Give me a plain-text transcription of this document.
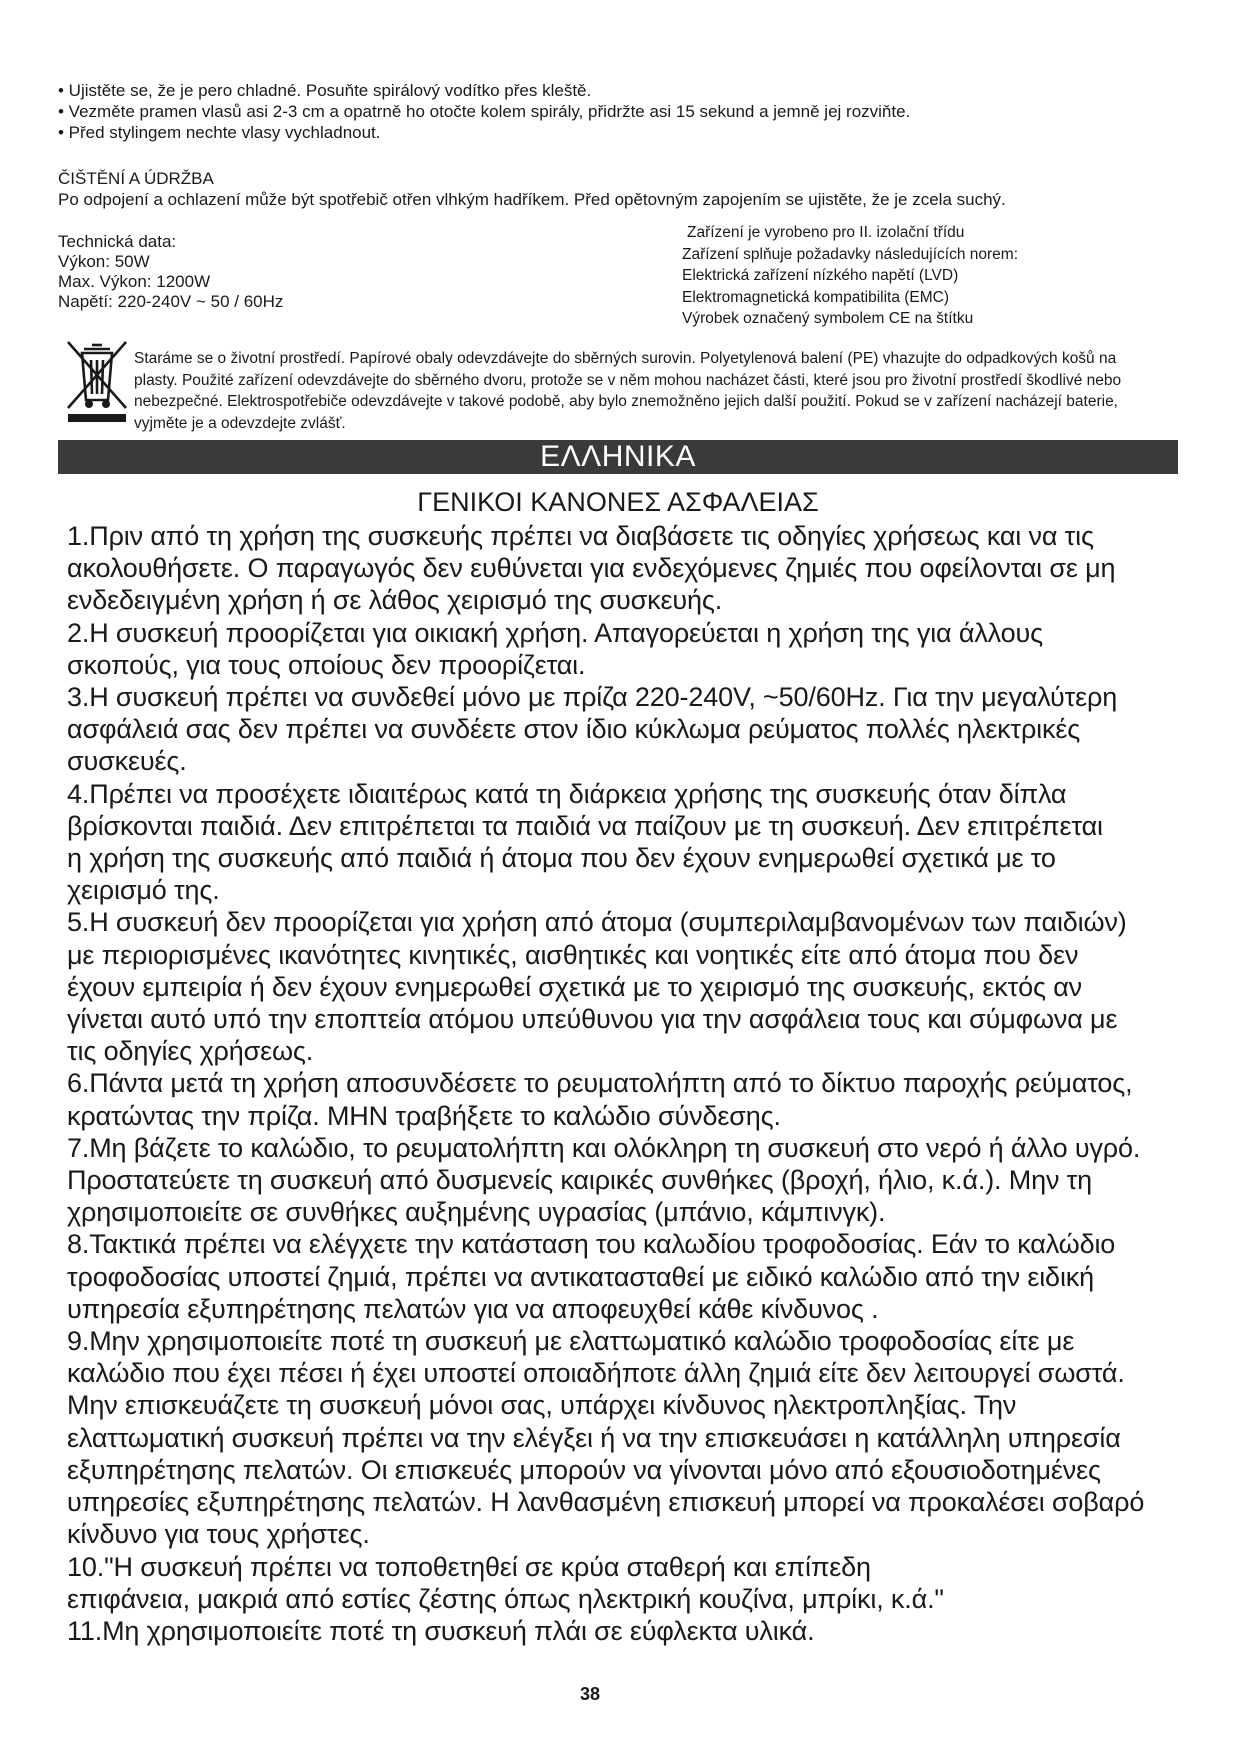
• Ujistěte se, že je pero chladné. Posuňte spirálový vodítko přes kleště.
• Vezměte pramen vlasů asi 2-3 cm a opatrně ho otočte kolem spirály, přidržte asi 15 sekund a jemně jej rozviňte.
• Před stylingem nechte vlasy vychladnout.
ČIŠTĚNÍ A ÚDRŽBA
Po odpojení a ochlazení může být spotřebič otřen vlhkým hadříkem. Před opětovným zapojením se ujistěte, že je zcela suchý.
Technická data:
Výkon: 50W
Max. Výkon: 1200W
Napětí: 220-240V ~ 50 / 60Hz
Zařízení je vyrobeno pro II. izolační třídu
Zařízení splňuje požadavky následujících norem:
Elektrická zařízení nízkého napětí (LVD)
Elektromagnetická kompatibilita (EMC)
Výrobek označený symbolem CE na štítku
Staráme se o životní prostředí. Papírové obaly odevzdávejte do sběrných surovin. Polyetylenová balení (PE) vhazujte do odpadkových košů na
plasty. Použité zařízení odevzdávejte do sběrného dvoru, protože se v něm mohou nacházet části, které jsou pro životní prostředí škodlivé nebo
nebezpečné. Elektrospotřebiče odevzdávejte v takové podobě, aby bylo znemožněno jejich další použití. Pokud se v zařízení nacházejí baterie,
vyjměte je a odevzdejte zvlášť.
ΕΛΛΗΝΙΚΑ
ΓΕΝΙΚΟΙ ΚΑΝΟΝΕΣ ΑΣΦΑΛΕΙΑΣ
1.Πριν από τη χρήση της συσκευής πρέπει να διαβάσετε τις οδηγίες χρήσεως και να τις
ακολουθήσετε. Ο παραγωγός δεν ευθύνεται για ενδεχόμενες ζημιές που οφείλονται σε μη
ενδεδειγμένη χρήση ή σε λάθος χειρισμό της συσκευής.
2.Η συσκευή προορίζεται για οικιακή χρήση. Απαγορεύεται η χρήση της για άλλους
σκοπούς, για τους οποίους δεν προορίζεται.
3.Η συσκευή πρέπει να συνδεθεί μόνο με πρίζα 220-240V, ~50/60Hz. Για την μεγαλύτερη
ασφάλειά σας δεν πρέπει να συνδέετε στον ίδιο κύκλωμα ρεύματος πολλές ηλεκτρικές
συσκευές.
4.Πρέπει να προσέχετε ιδιαιτέρως κατά τη διάρκεια χρήσης της συσκευής όταν δίπλα
βρίσκονται παιδιά. Δεν επιτρέπεται τα παιδιά να παίζουν με τη συσκευή. Δεν επιτρέπεται
η χρήση της συσκευής από παιδιά ή άτομα που δεν έχουν ενημερωθεί σχετικά με το
χειρισμό της.
5.Η συσκευή δεν προορίζεται για χρήση από άτομα (συμπεριλαμβανομένων των παιδιών)
με περιορισμένες ικανότητες κινητικές, αισθητικές και νοητικές είτε από άτομα που δεν
έχουν εμπειρία ή δεν έχουν ενημερωθεί σχετικά με το χειρισμό της συσκευής, εκτός αν
γίνεται αυτό υπό την εποπτεία ατόμου υπεύθυνου για την ασφάλεια τους και σύμφωνα με
τις οδηγίες χρήσεως.
6.Πάντα μετά τη χρήση αποσυνδέσετε το ρευματολήπτη από το δίκτυο παροχής ρεύματος,
κρατώντας την πρίζα. ΜΗΝ τραβήξετε το καλώδιο σύνδεσης.
7.Μη βάζετε το καλώδιο, το ρευματολήπτη και ολόκληρη τη συσκευή στο νερό ή άλλο υγρό.
Προστατεύετε τη συσκευή από δυσμενείς καιρικές συνθήκες (βροχή, ήλιο, κ.ά.). Μην τη
χρησιμοποιείτε σε συνθήκες αυξημένης υγρασίας (μπάνιο, κάμπινγκ).
8.Τακτικά πρέπει να ελέγχετε την κατάσταση του καλωδίου τροφοδοσίας. Εάν το καλώδιο
τροφοδοσίας υποστεί ζημιά, πρέπει να αντικατασταθεί με ειδικό καλώδιο από την ειδική
υπηρεσία εξυπηρέτησης πελατών για να αποφευχθεί κάθε κίνδυνος .
9.Μην χρησιμοποιείτε ποτέ τη συσκευή με ελαττωματικό καλώδιο τροφοδοσίας είτε με
καλώδιο που έχει πέσει ή έχει υποστεί οποιαδήποτε άλλη ζημιά είτε δεν λειτουργεί σωστά.
Μην επισκευάζετε τη συσκευή μόνοι σας, υπάρχει κίνδυνος ηλεκτροπληξίας. Την
ελαττωματική συσκευή πρέπει να την ελέγξει ή να την επισκευάσει η κατάλληλη υπηρεσία
εξυπηρέτησης πελατών. Οι επισκευές μπορούν να γίνονται μόνο από εξουσιοδοτημένες
υπηρεσίες εξυπηρέτησης πελατών. Η λανθασμένη επισκευή μπορεί να προκαλέσει σοβαρό
κίνδυνο για τους χρήστες.
10."Η συσκευή πρέπει να τοποθετηθεί σε κρύα σταθερή και επίπεδη
επιφάνεια, μακριά από εστίες ζέστης όπως ηλεκτρική κουζίνα, μπρίκι, κ.ά."
11.Μη χρησιμοποιείτε ποτέ τη συσκευή πλάι σε εύφλεκτα υλικά.
38
